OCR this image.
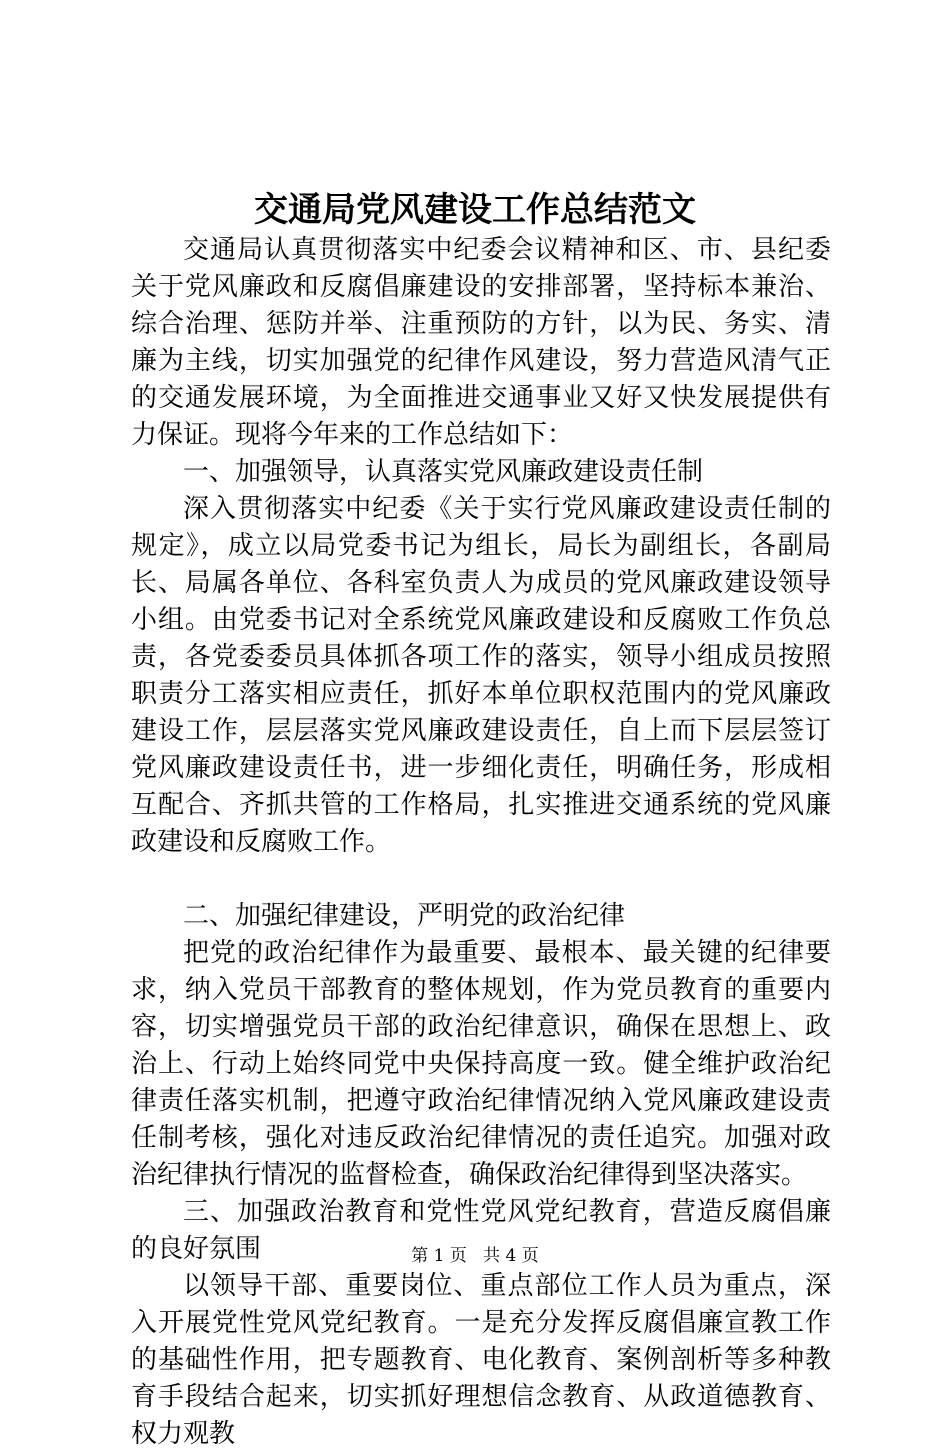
交通局党风建设工作总结范文

交通局认真贯彻落实中纪委会议精神和区、市、县纪委关于党风廉政和反腐倡廉建设的安排部署，坚持标本兼治、综合治理、惩防并举、注重预防的方针，以为民、务实、清廉为主线，切实加强党的纪律作风建设，努力营造风清气正的交通发展环境，为全面推进交通事业又好又快发展提供有力保证。现将今年来的工作总结如下：

一、加强领导，认真落实党风廉政建设责任制

深入贯彻落实中纪委《关于实行党风廉政建设责任制的规定》，成立以局党委书记为组长，局长为副组长，各副局长、局属各单位、各科室负责人为成员的党风廉政建设领导小组。由党委书记对全系统党风廉政建设和反腐败工作负总责，各党委委员具体抓各项工作的落实，领导小组成员按照职责分工落实相应责任，抓好本单位职权范围内的党风廉政建设工作，层层落实党风廉政建设责任，自上而下层层签订党风廉政建设责任书，进一步细化责任，明确任务，形成相互配合、齐抓共管的工作格局，扎实推进交通系统的党风廉政建设和反腐败工作。

二、加强纪律建设，严明党的政治纪律

把党的政治纪律作为最重要、最根本、最关键的纪律要求，纳入党员干部教育的整体规划，作为党员教育的重要内容，切实增强党员干部的政治纪律意识，确保在思想上、政治上、行动上始终同党中央保持高度一致。健全维护政治纪律责任落实机制，把遵守政治纪律情况纳入党风廉政建设责任制考核，强化对违反政治纪律情况的责任追究。加强对政治纪律执行情况的监督检查，确保政治纪律得到坚决落实。

三、加强政治教育和党性党风党纪教育，营造反腐倡廉的良好氛围

以领导干部、重要岗位、重点部位工作人员为重点，深入开展党性党风党纪教育。一是充分发挥反腐倡廉宣教工作的基础性作用，把专题教育、电化教育、案例剖析等多种教育手段结合起来，切实抓好理想信念教育、从政道德教育、权力观教

第 1 页   共 4 页
